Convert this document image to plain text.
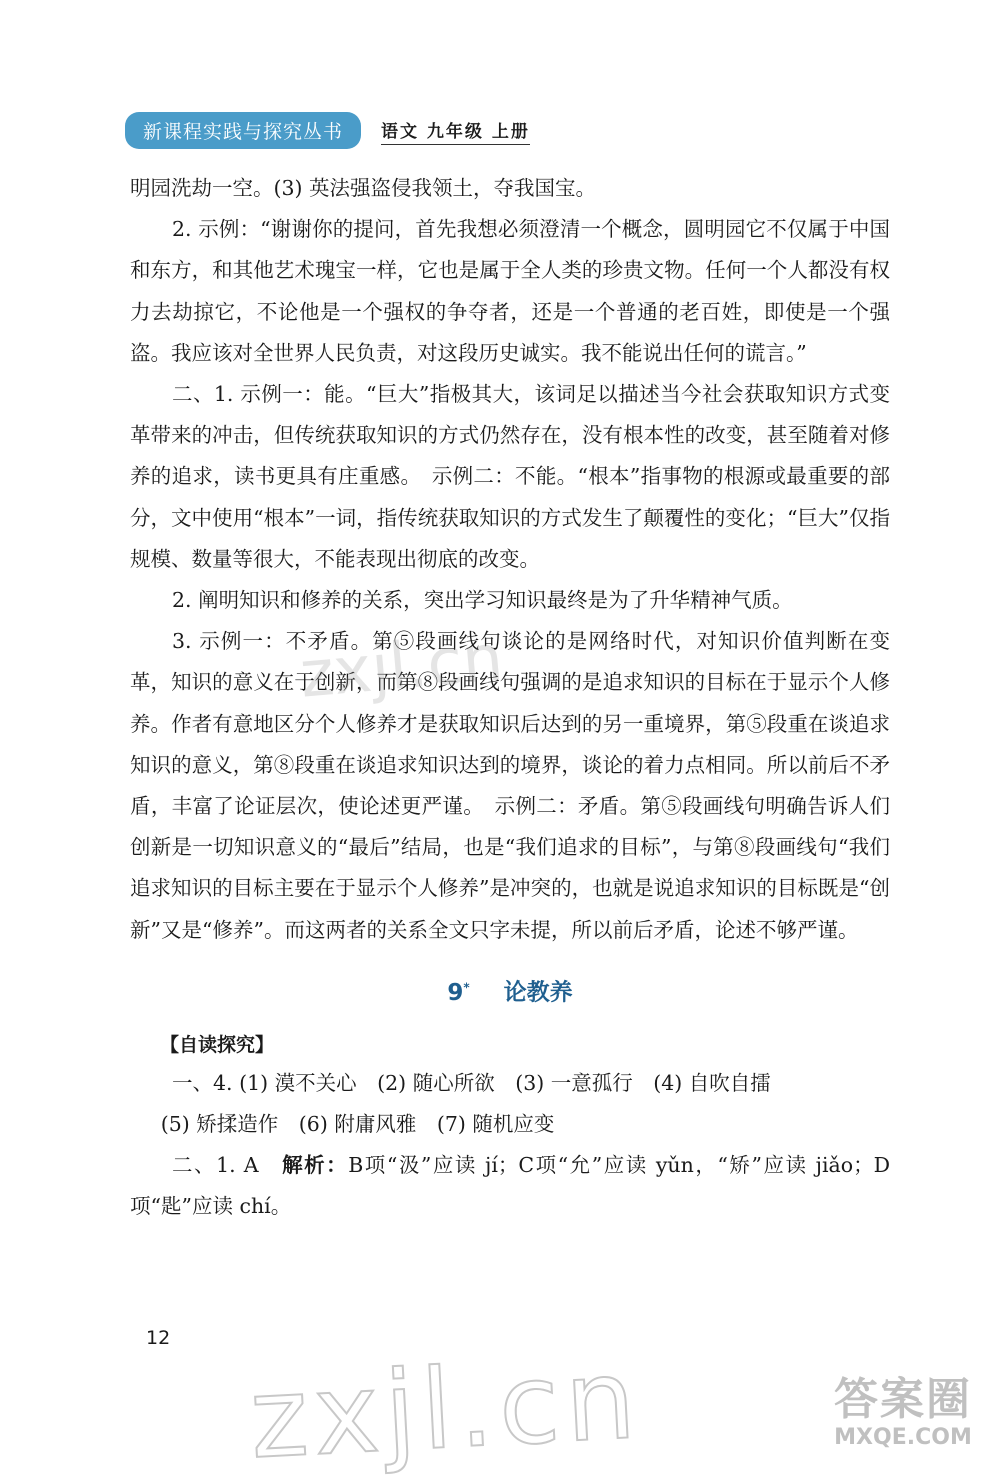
新课程实践与探究丛书	语文 九年级 上册

明园洗劫一空。(3) 英法强盗侵我领土，夺我国宝。

2. 示例：“谢谢你的提问，首先我想必须澄清一个概念，圆明园它不仅属于中国和东方，和其他艺术瑰宝一样，它也是属于全人类的珍贵文物。任何一个人都没有权力去劫掠它，不论他是一个强权的争夺者，还是一个普通的老百姓，即使是一个强盗。我应该对全世界人民负责，对这段历史诚实。我不能说出任何的谎言。”

二、1. 示例一：能。“巨大”指极其大，该词足以描述当今社会获取知识方式变革带来的冲击，但传统获取知识的方式仍然存在，没有根本性的改变，甚至随着对修养的追求，读书更具有庄重感。　示例二：不能。“根本”指事物的根源或最重要的部分，文中使用“根本”一词，指传统获取知识的方式发生了颠覆性的变化；“巨大”仅指规模、数量等很大，不能表现出彻底的改变。

2. 阐明知识和修养的关系，突出学习知识最终是为了升华精神气质。

3. 示例一：不矛盾。第⑤段画线句谈论的是网络时代，对知识价值判断在变革，知识的意义在于创新，而第⑧段画线句强调的是追求知识的目标在于显示个人修养。作者有意地区分个人修养才是获取知识后达到的另一重境界，第⑤段重在谈追求知识的意义，第⑧段重在谈追求知识达到的境界，谈论的着力点相同。所以前后不矛盾，丰富了论证层次，使论述更严谨。　示例二：矛盾。第⑤段画线句明确告诉人们创新是一切知识意义的“最后”结局，也是“我们追求的目标”，与第⑧段画线句“我们追求知识的目标主要在于显示个人修养”是冲突的，也就是说追求知识的目标既是“创新”又是“修养”。而这两者的关系全文只字未提，所以前后矛盾，论述不够严谨。

9* 论教养
【自读探究】

一、4. (1) 漠不关心　(2) 随心所欲　(3) 一意孤行　(4) 自吹自擂

(5) 矫揉造作　(6) 附庸风雅　(7) 随机应变

二、1. A　解析：B项“汲”应读 jí；C项“允”应读 yǔn，“矫”应读 jiǎo；D项“匙”应读 chí。

zxjl.cn
12 zxjl.cn	答案圈
MXQE.COM
